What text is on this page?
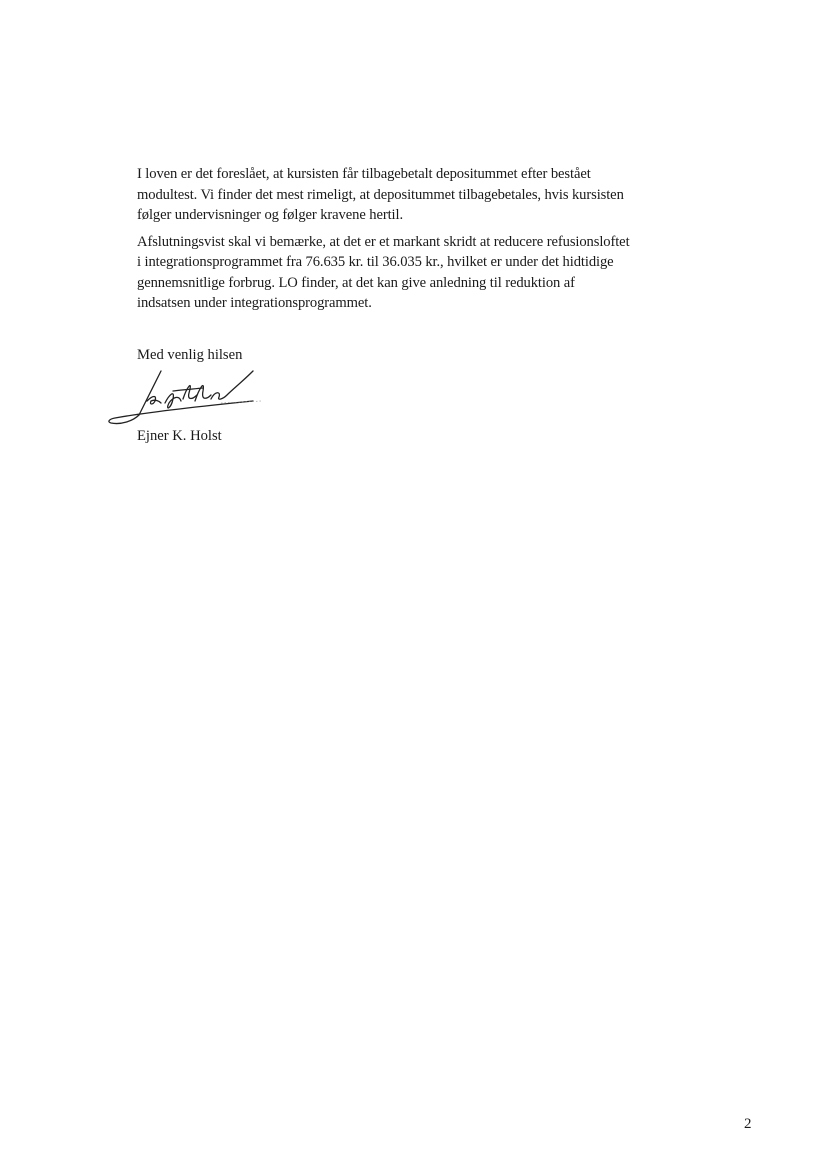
I loven er det foreslået, at kursisten får tilbagebetalt depositummet efter bestået
modultest. Vi finder det mest rimeligt, at depositummet tilbagebetales, hvis kursisten
følger undervisninger og følger kravene hertil.

Afslutningsvist skal vi bemærke, at det er et markant skridt at reducere refusionsloftet
i integrationsprogrammet fra 76.635 kr. til 36.035 kr., hvilket er under det hidtidige
gennemsnitlige forbrug. LO finder, at det kan give anledning til reduktion af
indsatsen under integrationsprogrammet.

Med venlig hilsen
Ejner K. Holst
2
